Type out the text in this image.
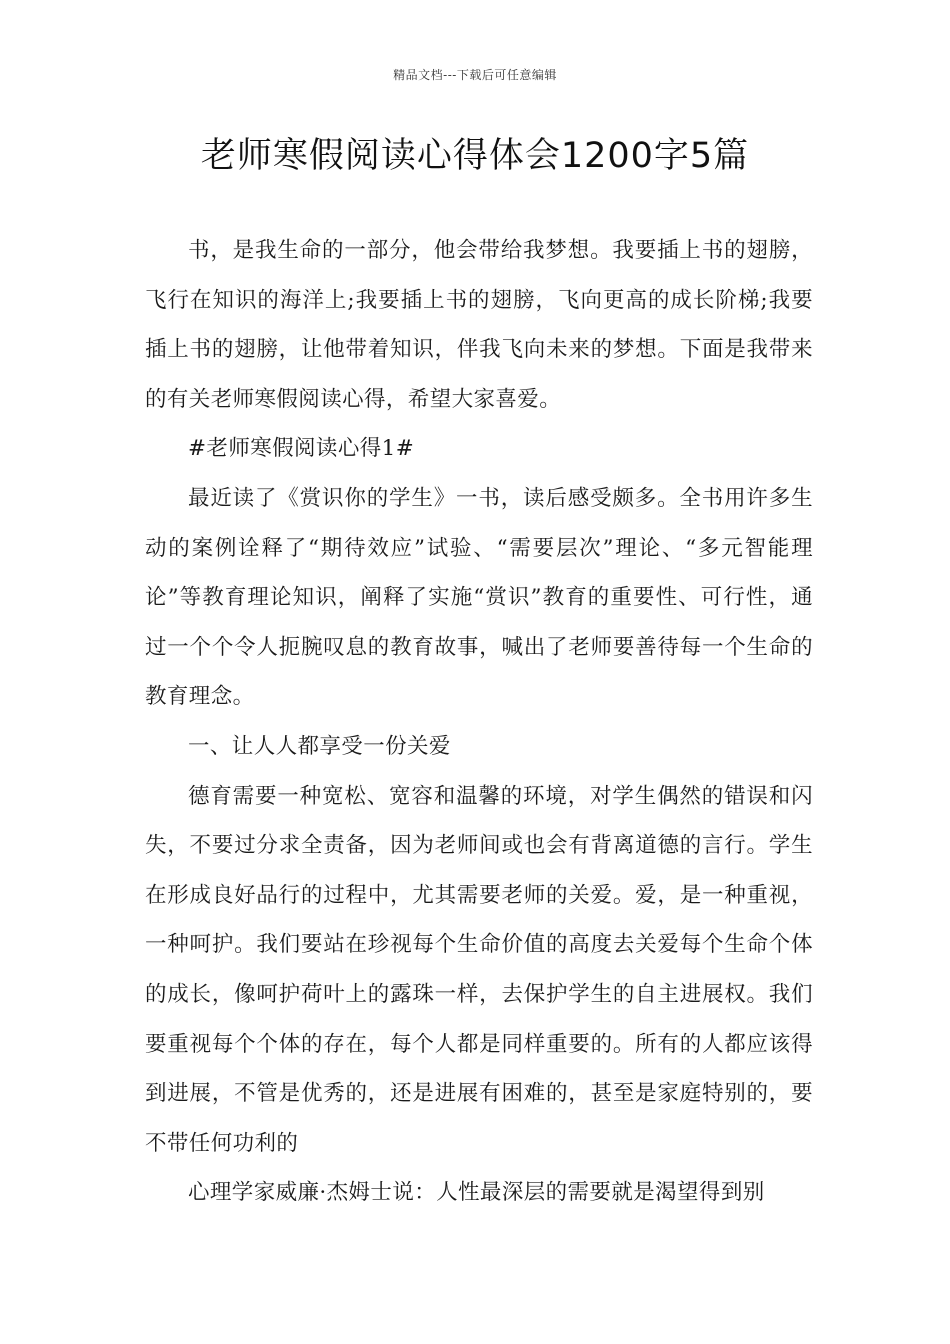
精品文档---下载后可任意编辑
老师寒假阅读心得体会1200字5篇

书，是我生命的一部分，他会带给我梦想。我要插上书的翅膀，飞行在知识的海洋上;我要插上书的翅膀，飞向更高的成长阶梯;我要插上书的翅膀，让他带着知识，伴我飞向未来的梦想。下面是我带来的有关老师寒假阅读心得，希望大家喜爱。

#老师寒假阅读心得1#

最近读了《赏识你的学生》一书，读后感受颇多。全书用许多生动的案例诠释了“期待效应”试验、“需要层次”理论、“多元智能理论”等教育理论知识，阐释了实施“赏识”教育的重要性、可行性，通过一个个令人扼腕叹息的教育故事，喊出了老师要善待每一个生命的教育理念。

一、让人人都享受一份关爱

德育需要一种宽松、宽容和温馨的环境，对学生偶然的错误和闪失，不要过分求全责备，因为老师间或也会有背离道德的言行。学生在形成良好品行的过程中，尤其需要老师的关爱。爱，是一种重视，一种呵护。我们要站在珍视每个生命价值的高度去关爱每个生命个体的成长，像呵护荷叶上的露珠一样，去保护学生的自主进展权。我们要重视每个个体的存在，每个人都是同样重要的。所有的人都应该得到进展，不管是优秀的，还是进展有困难的，甚至是家庭特别的，要不带任何功利的

心理学家威廉·杰姆士说：人性最深层的需要就是渴望得到别
